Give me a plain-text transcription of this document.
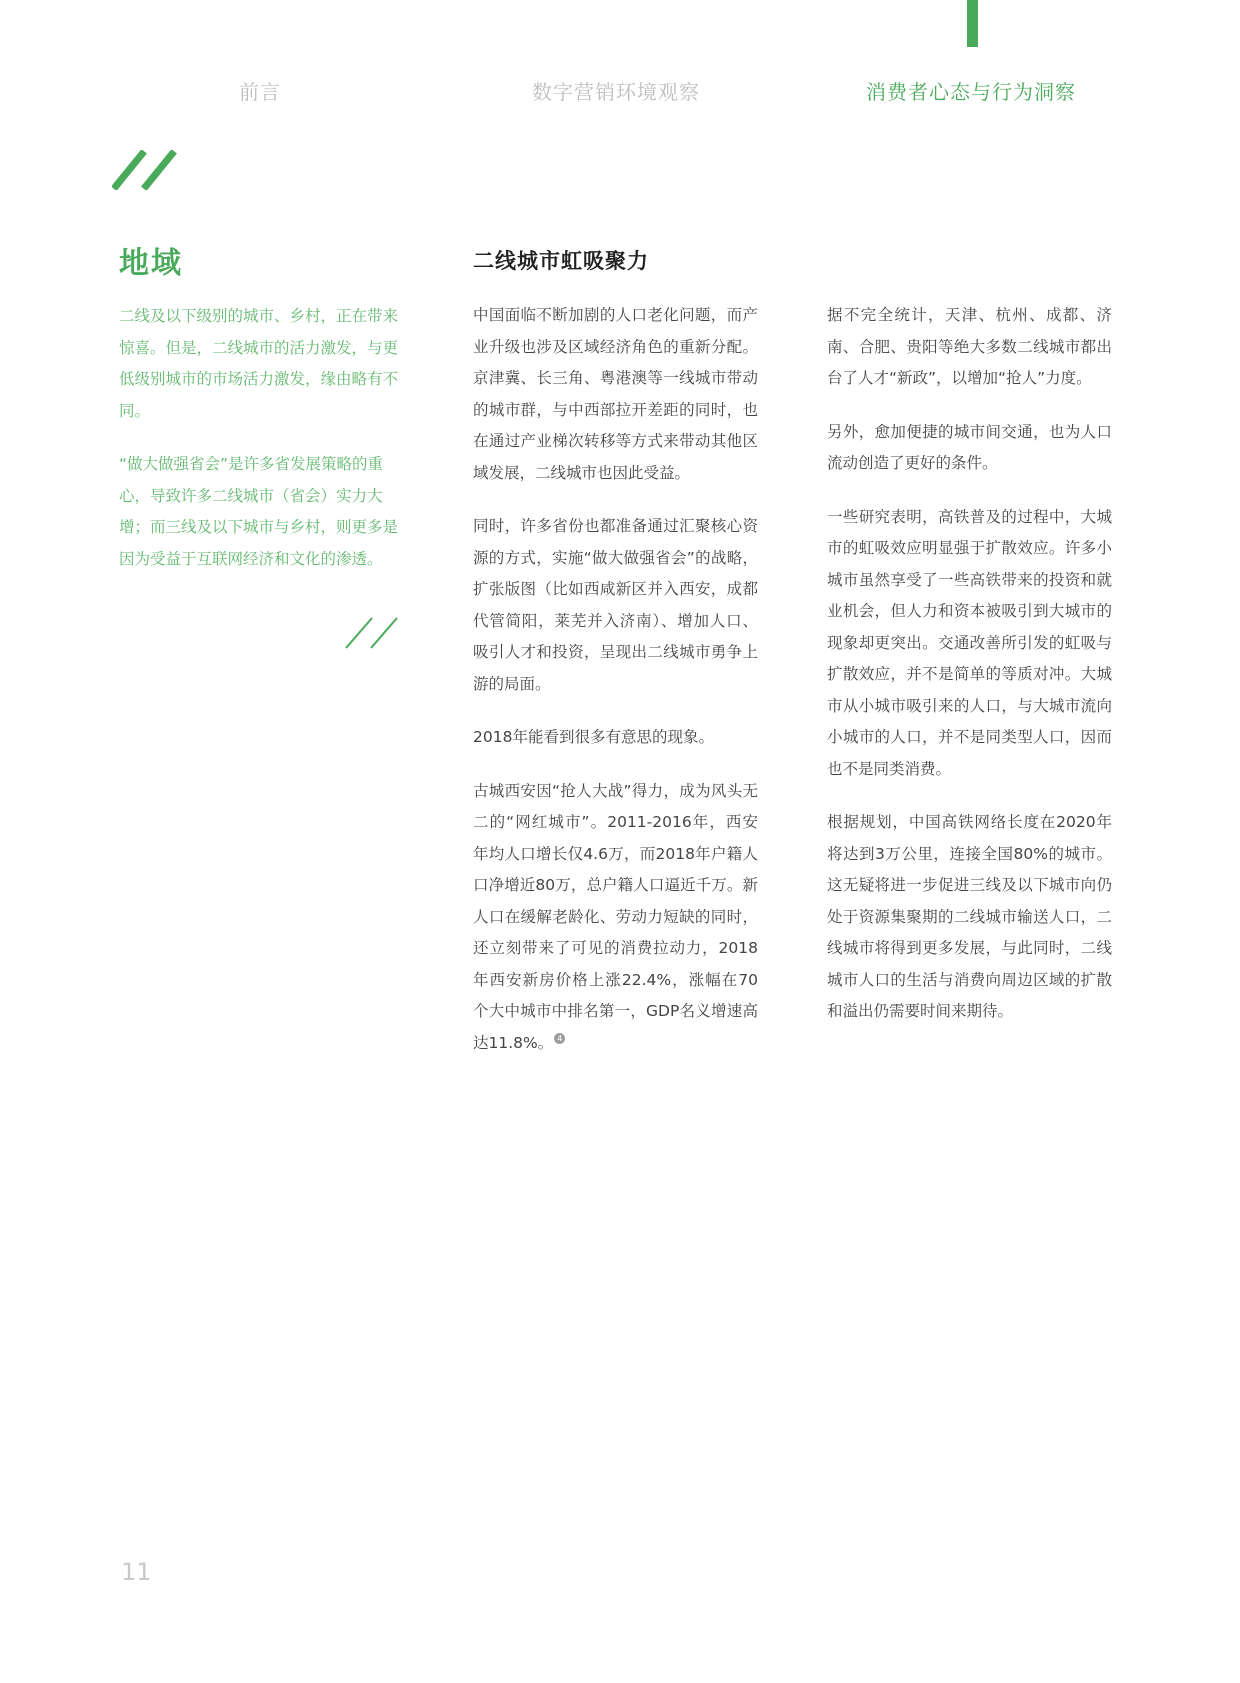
前言	数字营销环境观察	消费者心态与行为洞察
地域

二线及以下级别的城市、乡村，正在带来惊喜。但是，二线城市的活力激发，与更低级别城市的市场活力激发，缘由略有不同。

“做大做强省会”是许多省发展策略的重心，导致许多二线城市（省会）实力大增；而三线及以下城市与乡村，则更多是因为受益于互联网经济和文化的渗透。

二线城市虹吸聚力

中国面临不断加剧的人口老化问题，而产业升级也涉及区域经济角色的重新分配。京津冀、长三角、粤港澳等一线城市带动的城市群，与中西部拉开差距的同时，也在通过产业梯次转移等方式来带动其他区域发展，二线城市也因此受益。

同时，许多省份也都准备通过汇聚核心资源的方式，实施“做大做强省会”的战略，扩张版图（比如西咸新区并入西安，成都代管简阳，莱芜并入济南）、增加人口、吸引人才和投资，呈现出二线城市勇争上游的局面。

2018年能看到很多有意思的现象。

古城西安因“抢人大战”得力，成为风头无二的“网红城市”。2011-2016年，西安年均人口增长仅4.6万，而2018年户籍人口净增近80万，总户籍人口逼近千万。新人口在缓解老龄化、劳动力短缺的同时，还立刻带来了可见的消费拉动力，2018年西安新房价格上涨22.4%，涨幅在70个大中城市中排名第一，GDP名义增速高达11.8%。 4

据不完全统计，天津、杭州、成都、济南、合肥、贵阳等绝大多数二线城市都出台了人才“新政”，以增加“抢人”力度。

另外，愈加便捷的城市间交通，也为人口流动创造了更好的条件。

一些研究表明，高铁普及的过程中，大城市的虹吸效应明显强于扩散效应。许多小城市虽然享受了一些高铁带来的投资和就业机会，但人力和资本被吸引到大城市的现象却更突出。交通改善所引发的虹吸与扩散效应，并不是简单的等质对冲。大城市从小城市吸引来的人口，与大城市流向小城市的人口，并不是同类型人口，因而也不是同类消费。

根据规划，中国高铁网络长度在2020年将达到3万公里，连接全国80%的城市。这无疑将进一步促进三线及以下城市向仍处于资源集聚期的二线城市输送人口，二线城市将得到更多发展，与此同时，二线城市人口的生活与消费向周边区域的扩散和溢出仍需要时间来期待。

11
